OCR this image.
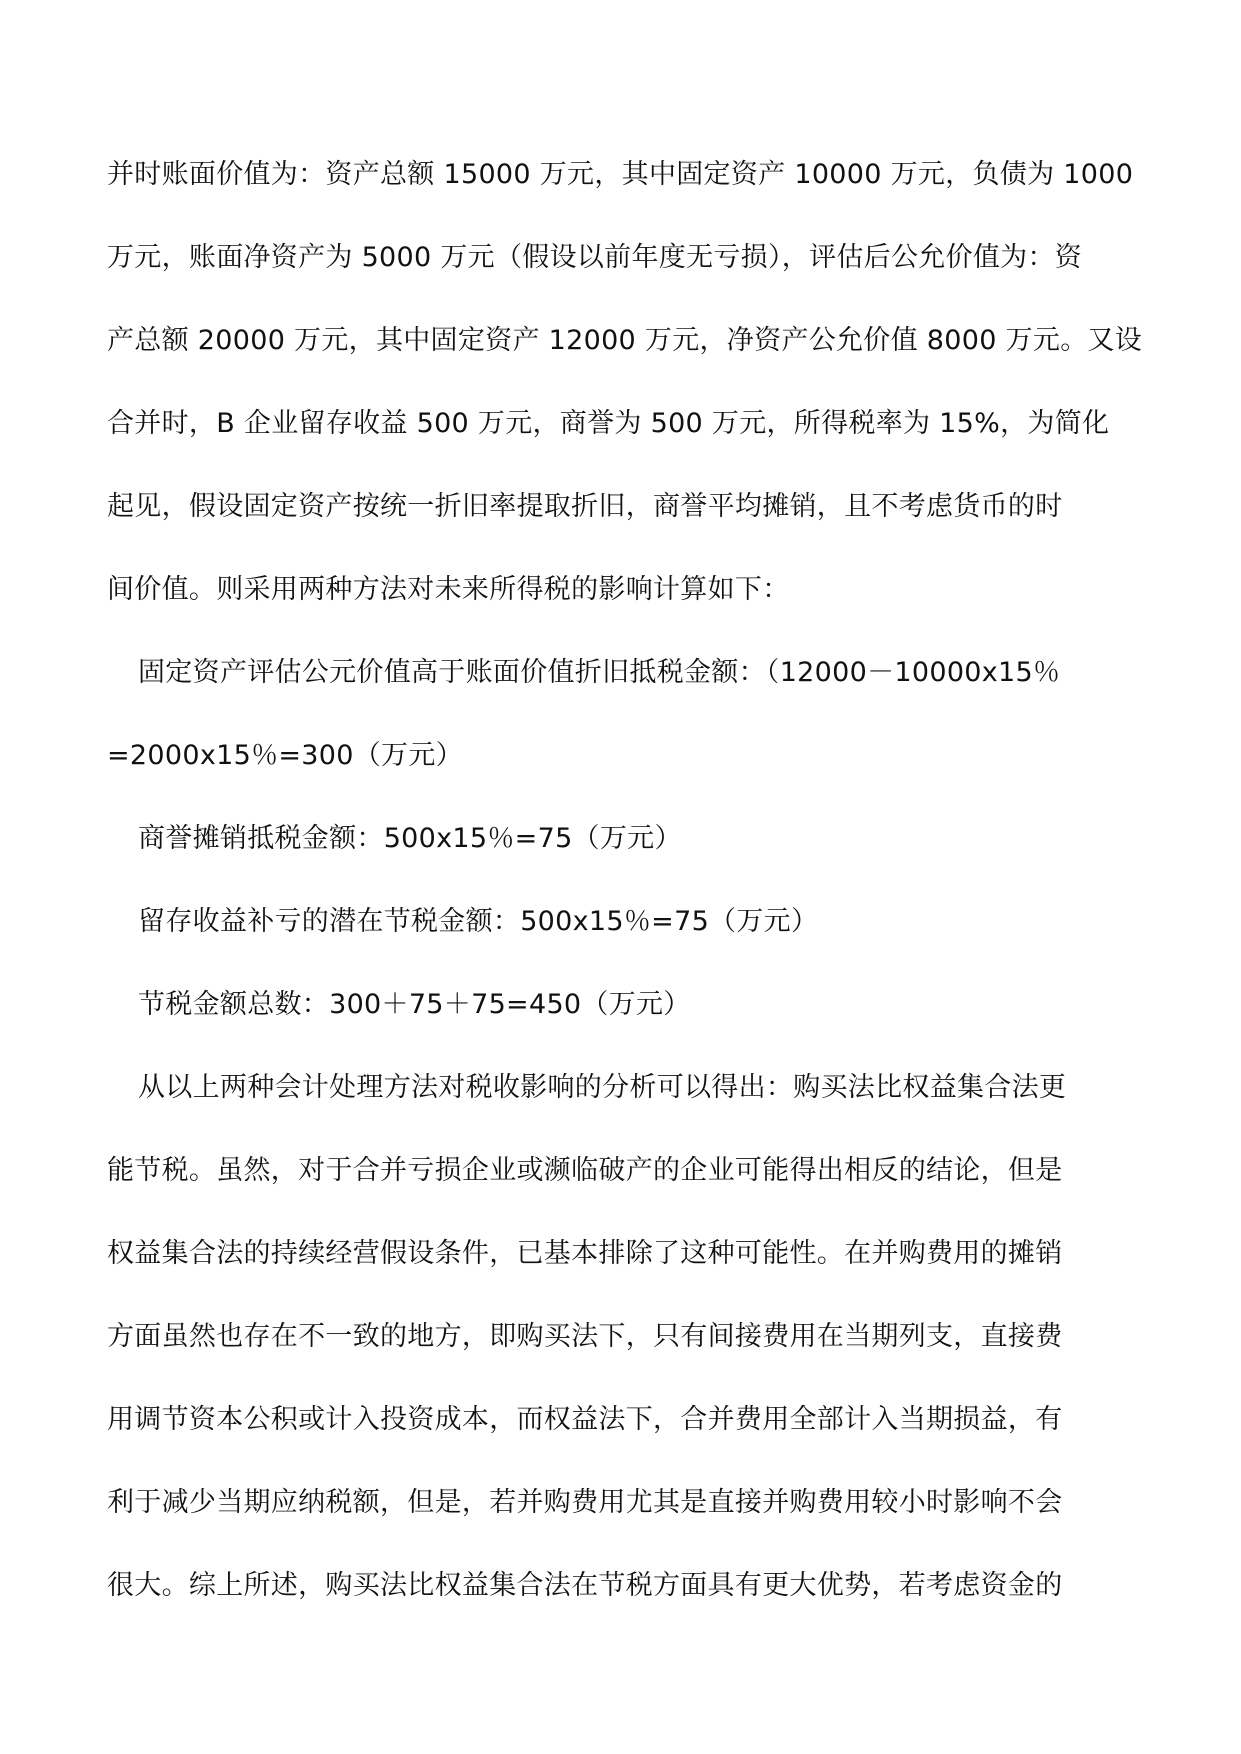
并时账面价值为：资产总额 15000 万元，其中固定资产 10000 万元，负债为 1000
万元，账面净资产为 5000 万元（假设以前年度无亏损），评估后公允价值为：资
产总额 20000 万元，其中固定资产 12000 万元，净资产公允价值 8000 万元。又设
合并时，B 企业留存收益 500 万元，商誉为 500 万元，所得税率为 15%，为简化
起见，假设固定资产按统一折旧率提取折旧，商誉平均摊销，且不考虑货币的时
间价值。则采用两种方法对未来所得税的影响计算如下：
固定资产评估公元价值高于账面价值折旧抵税金额：（12000－10000x15％
=2000x15％=300（万元）
商誉摊销抵税金额：500x15％=75（万元）
留存收益补亏的潜在节税金额：500x15％=75（万元）
节税金额总数：300＋75＋75=450（万元）
从以上两种会计处理方法对税收影响的分析可以得出：购买法比权益集合法更
能节税。虽然，对于合并亏损企业或濒临破产的企业可能得出相反的结论，但是
权益集合法的持续经营假设条件，已基本排除了这种可能性。在并购费用的摊销
方面虽然也存在不一致的地方，即购买法下，只有间接费用在当期列支，直接费
用调节资本公积或计入投资成本，而权益法下，合并费用全部计入当期损益，有
利于减少当期应纳税额，但是，若并购费用尤其是直接并购费用较小时影响不会
很大。综上所述，购买法比权益集合法在节税方面具有更大优势，若考虑资金的
